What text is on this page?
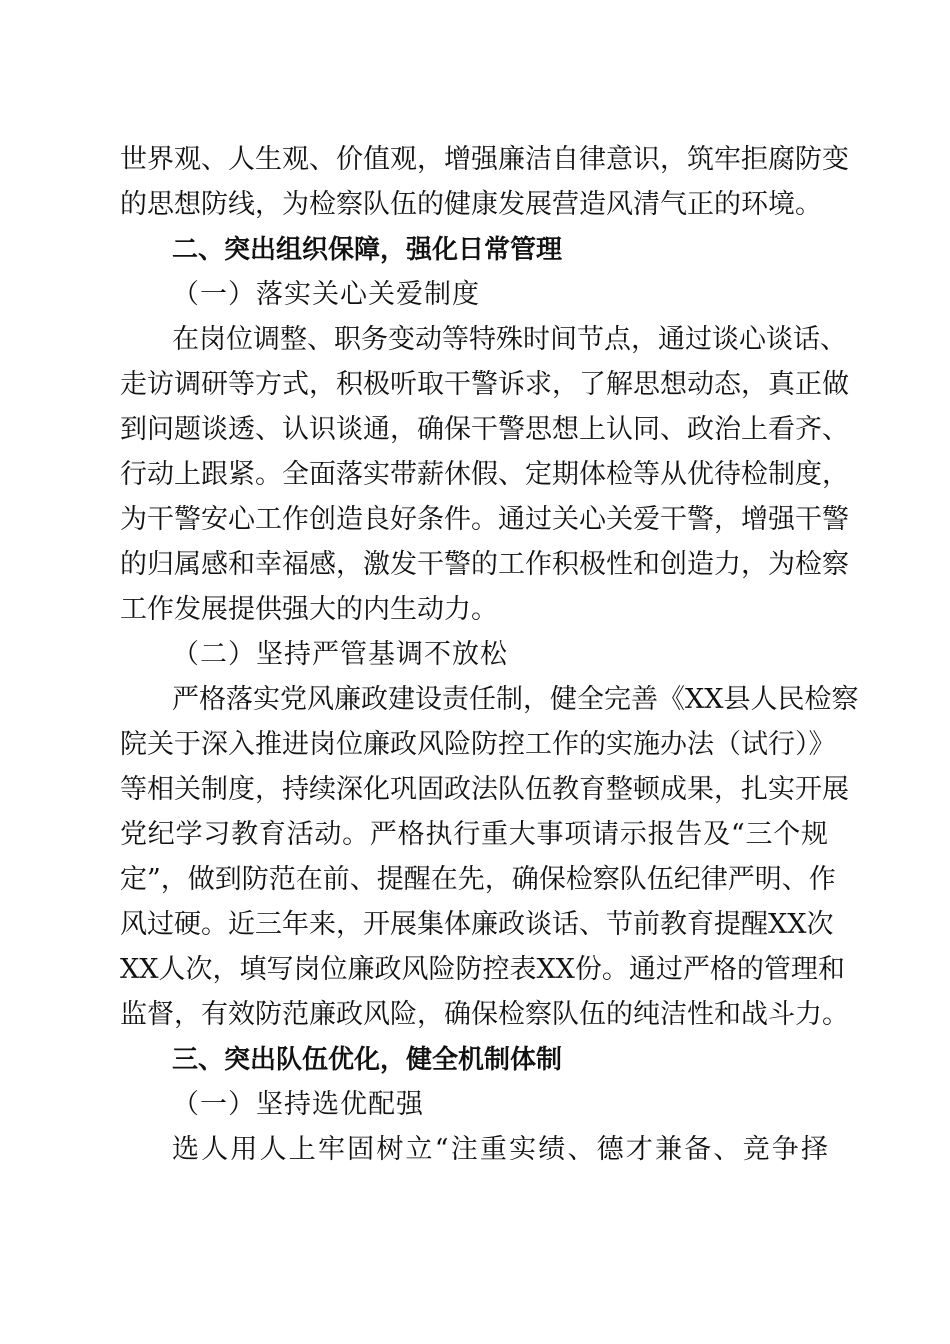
世界观、人生观、价值观，增强廉洁自律意识，筑牢拒腐防变
的思想防线，为检察队伍的健康发展营造风清气正的环境。
二、突出组织保障，强化日常管理
（一）落实关心关爱制度
在岗位调整、职务变动等特殊时间节点，通过谈心谈话、
走访调研等方式，积极听取干警诉求，了解思想动态，真正做
到问题谈透、认识谈通，确保干警思想上认同、政治上看齐、
行动上跟紧。全面落实带薪休假、定期体检等从优待检制度，
为干警安心工作创造良好条件。通过关心关爱干警，增强干警
的归属感和幸福感，激发干警的工作积极性和创造力，为检察
工作发展提供强大的内生动力。
（二）坚持严管基调不放松
严格落实党风廉政建设责任制，健全完善《XX县人民检察
院关于深入推进岗位廉政风险防控工作的实施办法（试行）》
等相关制度，持续深化巩固政法队伍教育整顿成果，扎实开展
党纪学习教育活动。严格执行重大事项请示报告及“三个规
定”，做到防范在前、提醒在先，确保检察队伍纪律严明、作
风过硬。近三年来，开展集体廉政谈话、节前教育提醒XX次
XX人次，填写岗位廉政风险防控表XX份。通过严格的管理和
监督，有效防范廉政风险，确保检察队伍的纯洁性和战斗力。
三、突出队伍优化，健全机制体制
（一）坚持选优配强
选人用人上牢固树立“注重实绩、德才兼备、竞争择
